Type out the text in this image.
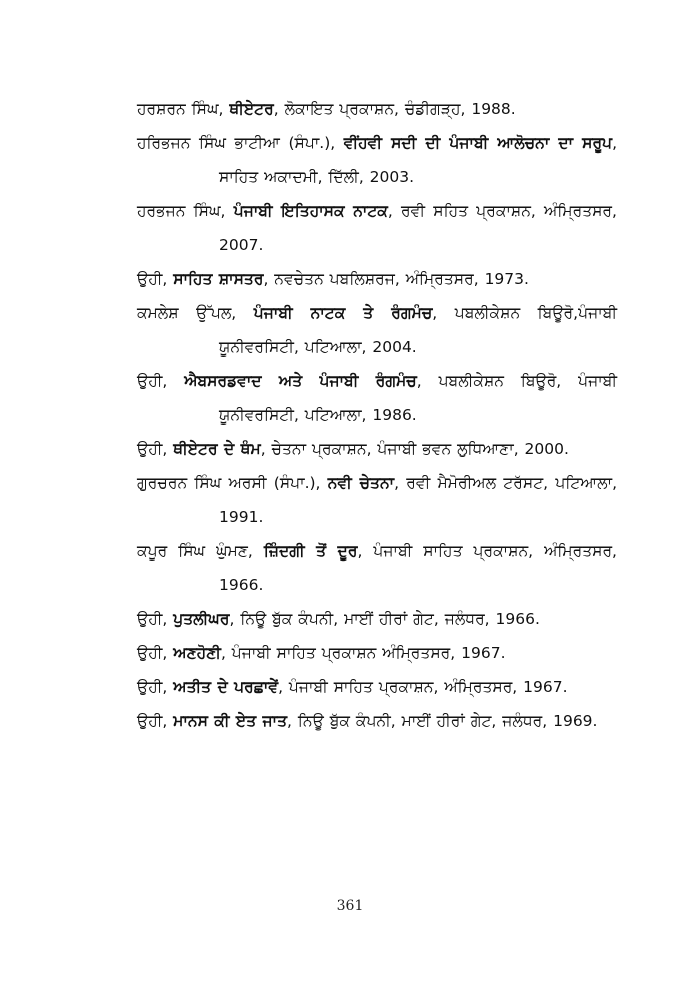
ਹਰਸ਼ਰਨ ਸਿੰਘ, ਥੀਏਟਰ, ਲੋਕਾਇਤ ਪ੍ਰਕਾਸ਼ਨ, ਚੰਡੀਗੜ੍ਹ, 1988.

ਹਰਿਭਜਨ ਸਿੰਘ ਭਾਟੀਆ (ਸੰਪਾ.), ਵੀਂਹਵੀ ਸਦੀ ਦੀ ਪੰਜਾਬੀ ਆਲੋਚਨਾ ਦਾ ਸਰੂਪ, ਸਾਹਿਤ ਅਕਾਦਮੀ, ਦਿੱਲੀ, 2003.

ਹਰਭਜਨ ਸਿੰਘ, ਪੰਜਾਬੀ ਇਤਿਹਾਸਕ ਨਾਟਕ, ਰਵੀ ਸਹਿਤ ਪ੍ਰਕਾਸ਼ਨ, ਅੰਮ੍ਰਿਤਸਰ, 2007.

ਉਹੀ, ਸਾਹਿਤ ਸ਼ਾਸਤਰ, ਨਵਚੇਤਨ ਪਬਲਿਸ਼ਰਜ, ਅੰਮ੍ਰਿਤਸਰ, 1973.

ਕਮਲੇਸ਼ ਉੱਪਲ, ਪੰਜਾਬੀ ਨਾਟਕ ਤੇ ਰੰਗਮੰਚ, ਪਬਲੀਕੇਸ਼ਨ ਬਿਊਰੋ,ਪੰਜਾਬੀ ਯੂਨੀਵਰਸਿਟੀ, ਪਟਿਆਲਾ, 2004.

ਉਹੀ, ਐਬਸਰਡਵਾਦ ਅਤੇ ਪੰਜਾਬੀ ਰੰਗਮੰਚ, ਪਬਲੀਕੇਸ਼ਨ ਬਿਊਰੋ, ਪੰਜਾਬੀ ਯੂਨੀਵਰਸਿਟੀ, ਪਟਿਆਲਾ, 1986.

ਉਹੀ, ਥੀਏਟਰ ਦੇ ਥੰਮ, ਚੇਤਨਾ ਪ੍ਰਕਾਸ਼ਨ, ਪੰਜਾਬੀ ਭਵਨ ਲੁਧਿਆਣਾ, 2000.

ਗੁਰਚਰਨ ਸਿੰਘ ਅਰਸੀ (ਸੰਪਾ.), ਨਵੀ ਚੇਤਨਾ, ਰਵੀ ਮੈਮੋਰੀਅਲ ਟਰੱਸਟ, ਪਟਿਆਲਾ, 1991.

ਕਪੂਰ ਸਿੰਘ ਘੁੰਮਣ, ਜ਼ਿੰਦਗੀ ਤੋਂ ਦੂਰ, ਪੰਜਾਬੀ ਸਾਹਿਤ ਪ੍ਰਕਾਸ਼ਨ, ਅੰਮ੍ਰਿਤਸਰ, 1966.

ਉਹੀ, ਪੁਤਲੀਘਰ, ਨਿਊ ਬੁੱਕ ਕੰਪਨੀ, ਮਾਈਂ ਹੀਰਾਂ ਗੇਟ, ਜਲੰਧਰ, 1966.

ਉਹੀ, ਅਣਹੋਣੀ, ਪੰਜਾਬੀ ਸਾਹਿਤ ਪ੍ਰਕਾਸ਼ਨ ਅੰਮ੍ਰਿਤਸਰ, 1967.

ਉਹੀ, ਅਤੀਤ ਦੇ ਪਰਛਾਵੇਂ, ਪੰਜਾਬੀ ਸਾਹਿਤ ਪ੍ਰਕਾਸ਼ਨ, ਅੰਮ੍ਰਿਤਸਰ, 1967.

ਉਹੀ, ਮਾਨਸ ਕੀ ਏਤ ਜਾਤ, ਨਿਊ ਬੁੱਕ ਕੰਪਨੀ, ਮਾਈਂ ਹੀਰਾਂ ਗੇਟ, ਜਲੰਧਰ, 1969.

361
